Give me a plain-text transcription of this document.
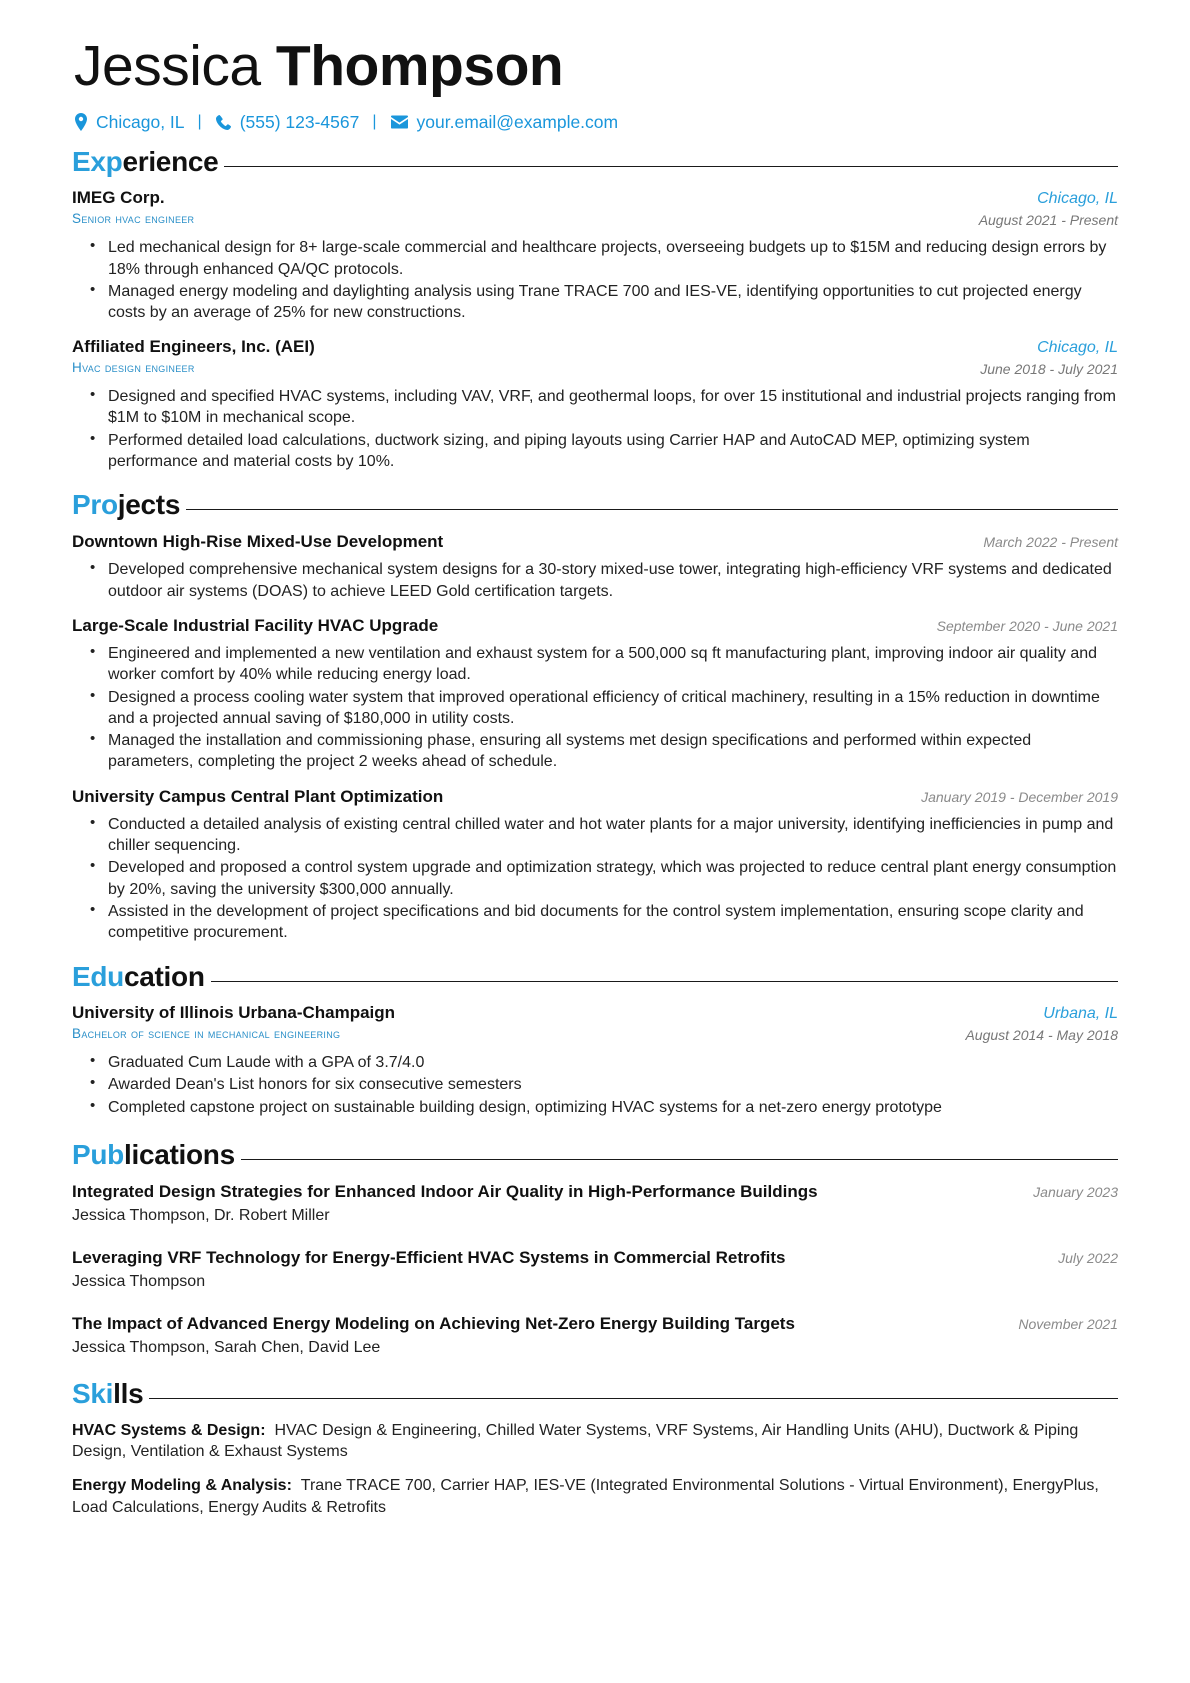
Jessica Thompson
Chicago, IL |	(555) 123-4567 |	your.email@example.com
Experience
IMEG Corp.
Senior hvac engineer
Chicago, IL
August 2021 - Present
• Led mechanical design for 8+ large-scale commercial and healthcare projects, overseeing budgets up to $15M and reducing design errors by 18% through enhanced QA/QC protocols.
• Managed energy modeling and daylighting analysis using Trane TRACE 700 and IES-VE, identifying opportunities to cut projected energy costs by an average of 25% for new constructions.
Affiliated Engineers, Inc. (AEI)
Hvac design engineer
Chicago, IL
June 2018 - July 2021
• Designed and specified HVAC systems, including VAV, VRF, and geothermal loops, for over 15 institutional and industrial projects ranging from $1M to $10M in mechanical scope.
• Performed detailed load calculations, ductwork sizing, and piping layouts using Carrier HAP and AutoCAD MEP, optimizing system performance and material costs by 10%.
Projects
Downtown High-Rise Mixed-Use Development	March 2022 - Present
• Developed comprehensive mechanical system designs for a 30-story mixed-use tower, integrating high-efficiency VRF systems and dedicated outdoor air systems (DOAS) to achieve LEED Gold certification targets.
Large-Scale Industrial Facility HVAC Upgrade	September 2020 - June 2021
• Engineered and implemented a new ventilation and exhaust system for a 500,000 sq ft manufacturing plant, improving indoor air quality and worker comfort by 40% while reducing energy load.
• Designed a process cooling water system that improved operational efficiency of critical machinery, resulting in a 15% reduction in downtime and a projected annual saving of $180,000 in utility costs.
• Managed the installation and commissioning phase, ensuring all systems met design specifications and performed within expected parameters, completing the project 2 weeks ahead of schedule.
University Campus Central Plant Optimization	January 2019 - December 2019
• Conducted a detailed analysis of existing central chilled water and hot water plants for a major university, identifying inefficiencies in pump and chiller sequencing.
• Developed and proposed a control system upgrade and optimization strategy, which was projected to reduce central plant energy consumption by 20%, saving the university $300,000 annually.
• Assisted in the development of project specifications and bid documents for the control system implementation, ensuring scope clarity and competitive procurement.
Education
University of Illinois Urbana-Champaign
Bachelor of science in mechanical engineering
Urbana, IL
August 2014 - May 2018
• Graduated Cum Laude with a GPA of 3.7/4.0
• Awarded Dean's List honors for six consecutive semesters
• Completed capstone project on sustainable building design, optimizing HVAC systems for a net-zero energy prototype
Publications
Integrated Design Strategies for Enhanced Indoor Air Quality in High-Performance Buildings	January 2023
Jessica Thompson, Dr. Robert Miller
Leveraging VRF Technology for Energy-Efficient HVAC Systems in Commercial Retrofits	July 2022
Jessica Thompson
The Impact of Advanced Energy Modeling on Achieving Net-Zero Energy Building Targets	November 2021
Jessica Thompson, Sarah Chen, David Lee
Skills
HVAC Systems & Design: HVAC Design & Engineering, Chilled Water Systems, VRF Systems, Air Handling Units (AHU), Ductwork & Piping Design, Ventilation & Exhaust Systems
Energy Modeling & Analysis: Trane TRACE 700, Carrier HAP, IES-VE (Integrated Environmental Solutions - Virtual Environment), EnergyPlus, Load Calculations, Energy Audits & Retrofits
